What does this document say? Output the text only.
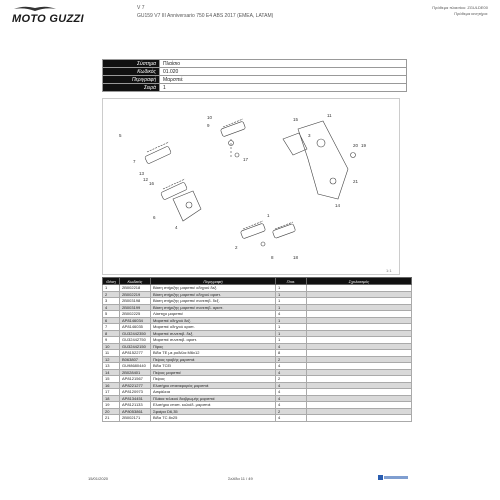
MOTO GUZZI
V 7
GU159 V7 III Anniversario 750 E4 ABS 2017 (EMEA, LATAM)
Πρόθεμα πλαισίου: ZGULDE00
Πρόθεμα κινητήρα:
Σύστημα	Πλαίσιο
Κωδικός	01.020
Περιγραφή	Μαρσπιέ
Σειρά	1
10
9
5
17
3
11
20 19
21
14
15
7
16
13
12
4
6
8
2
1
18
1:1
Θέση	Κωδικός	Περιγραφή	Ποσ.	Σχολιασμός
1	2B002218	Βάση στήριξης μαρσπιέ οδηγού δεξ.	1	
2	2B002219	Βάση στήριξης μαρσπιέ οδηγού αριστ.	1	
3	2B003198	Βάση στήριξης μαρσπιέ συνεπιβ. δεξ.	1	
4	2B003199	Βάση στήριξης μαρσπιέ συνεπιβ. αριστ.	1	
5	2B002225	Λάστιχο μαρσπιέ	4	
6	AP8146034	Μαρσπιέ οδηγού δεξ.	1	
7	AP8146035	Μαρσπιέ οδηγού αριστ.	1	
8	GU32442350	Μαρσπιέ συνεπιβ. δεξ.	1	
9	GU32442750	Μαρσπιέ συνεπιβ. αριστ.	1	
10	GU32442150	Πίρος	4	
11	AP8152277	Βίδα TE με ροδέλα M6x12	8	
12	B063807	Πείρος τροβής μαρσπιέ	2	
13	GU98680440	Βίδα TCEI	4	
14	2B028401	Πείρος μαρσπιέ	4	
15	AP8121567	Πείρος	2	
16	AP8221277	Ελατήριο επαναφοράς μαρσπιέ	4	
17	AP8120973	Ασφάλεια	4	
18	AP8134451	Πλάκα τελικού διαβρωμής μαρσπιέ	4	
19	AP8121133	Ελατήριο επιστ. κυλιόδ. μαρσπιέ	4	
20	AP8053861	Σφαίρα D6,35	2	
21	2B002171	Βίδα TC 8x25	4	
15/01/2020	Σελίδα 11 / 49
